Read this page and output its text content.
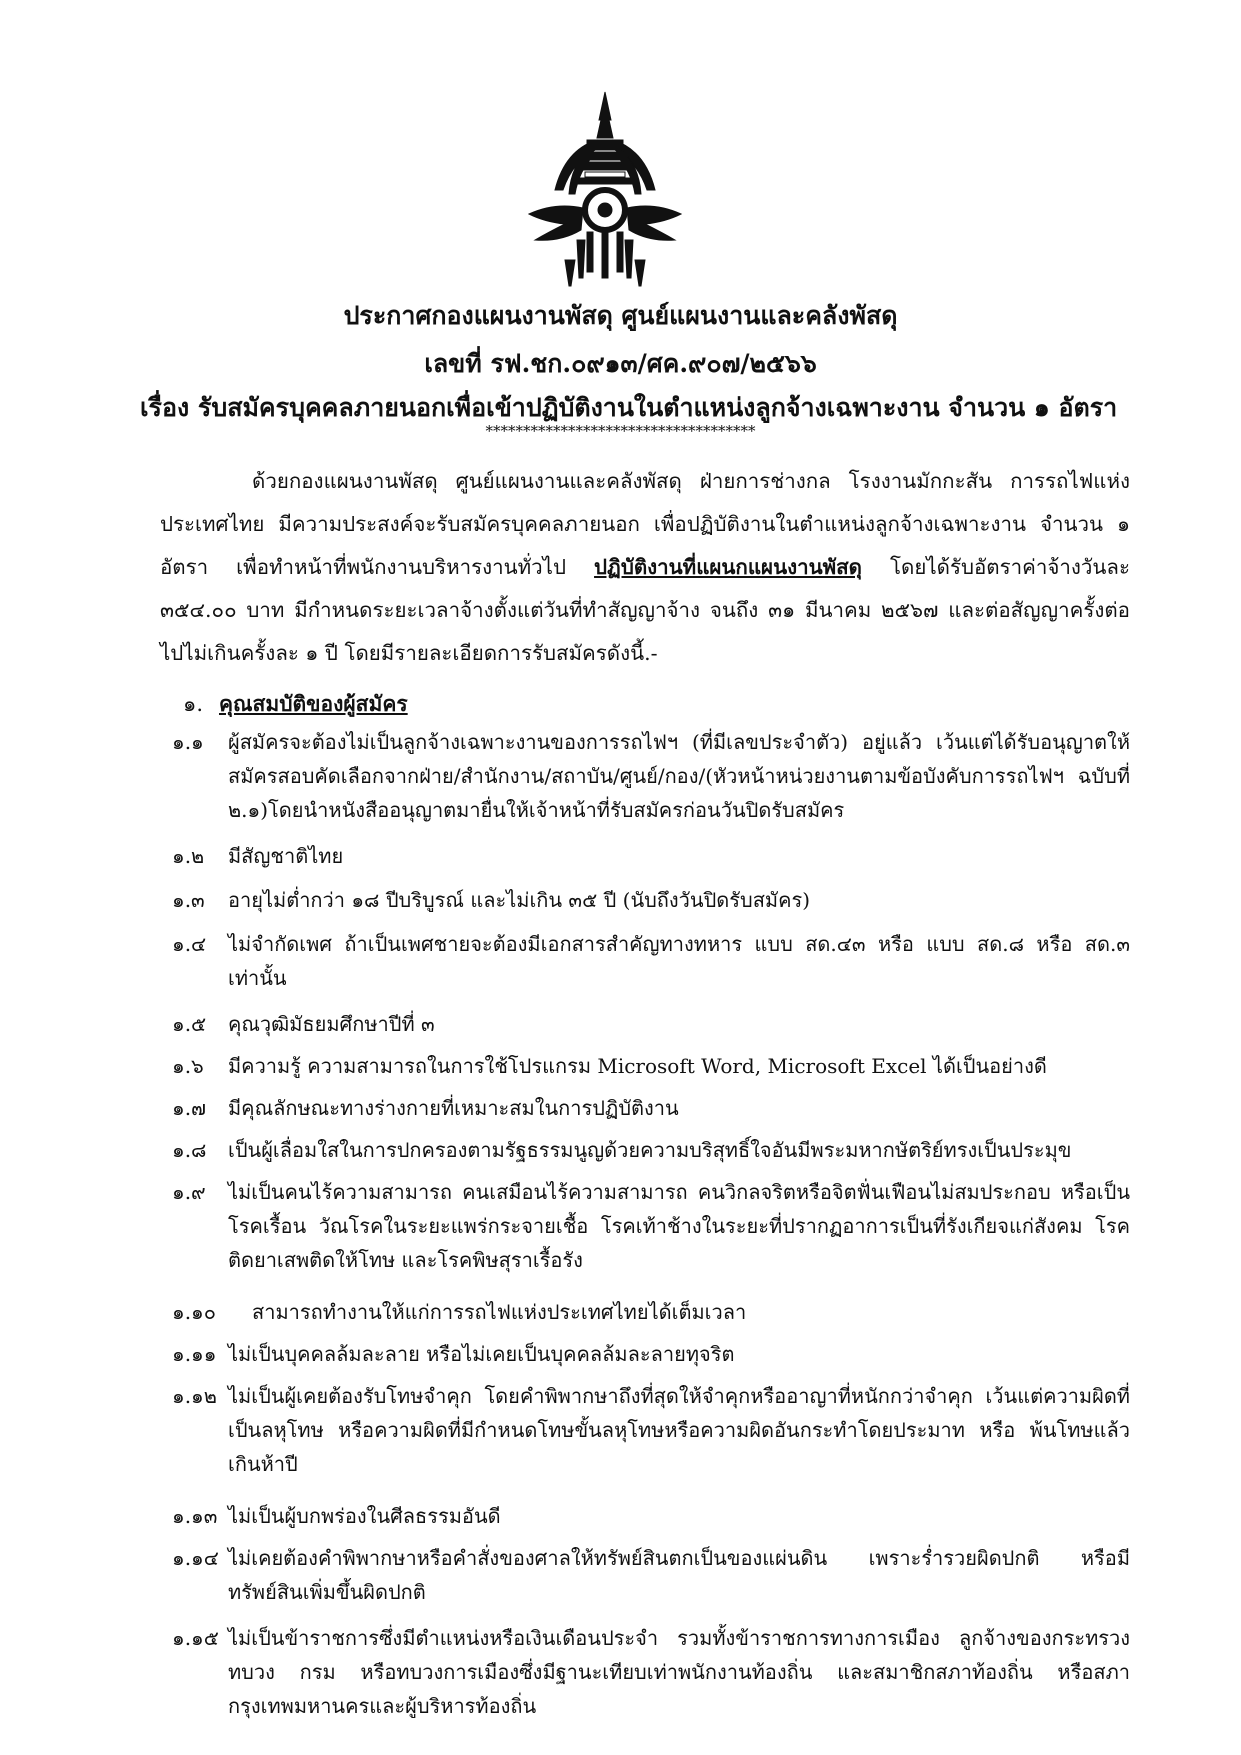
ประกาศกองแผนงานพัสดุ ศูนย์แผนงานและคลังพัสดุ
เลขที่ รฟ.ชก.๐๙๑๓/ศค.๙๐๗/๒๕๖๖
เรื่อง รับสมัครบุคคลภายนอกเพื่อเข้าปฏิบัติงานในตำแหน่งลูกจ้างเฉพาะงาน จำนวน ๑ อัตรา
************************************
ด้วยกองแผนงานพัสดุ ศูนย์แผนงานและคลังพัสดุ ฝ่ายการช่างกล โรงงานมักกะสัน การรถไฟแห่งประเทศไทย มีความประสงค์จะรับสมัครบุคคลภายนอก เพื่อปฏิบัติงานในตำแหน่งลูกจ้างเฉพาะงาน จำนวน ๑ อัตรา เพื่อทำหน้าที่พนักงานบริหารงานทั่วไป ปฏิบัติงานที่แผนกแผนงานพัสดุ โดยได้รับอัตราค่าจ้างวันละ ๓๕๔.๐๐ บาท มีกำหนดระยะเวลาจ้างตั้งแต่วันที่ทำสัญญาจ้าง จนถึง ๓๑ มีนาคม ๒๕๖๗ และต่อสัญญาครั้งต่อไปไม่เกินครั้งละ ๑ ปี โดยมีรายละเอียดการรับสมัครดังนี้.-
๑. คุณสมบัติของผู้สมัคร
๑.๑ ผู้สมัครจะต้องไม่เป็นลูกจ้างเฉพาะงานของการรถไฟฯ (ที่มีเลขประจำตัว) อยู่แล้ว เว้นแต่ได้รับอนุญาตให้สมัครสอบคัดเลือกจากฝ่าย/สำนักงาน/สถาบัน/ศูนย์/กอง/(หัวหน้าหน่วยงานตามข้อบังคับการรถไฟฯ ฉบับที่ ๒.๑)โดยนำหนังสืออนุญาตมายื่นให้เจ้าหน้าที่รับสมัครก่อนวันปิดรับสมัคร
๑.๒ มีสัญชาติไทย
๑.๓ อายุไม่ต่ำกว่า ๑๘ ปีบริบูรณ์ และไม่เกิน ๓๕ ปี (นับถึงวันปิดรับสมัคร)
๑.๔ ไม่จำกัดเพศ ถ้าเป็นเพศชายจะต้องมีเอกสารสำคัญทางทหาร แบบ สด.๔๓ หรือ แบบ สด.๘ หรือ สด.๓ เท่านั้น
๑.๕ คุณวุฒิมัธยมศึกษาปีที่ ๓
๑.๖ มีความรู้ ความสามารถในการใช้โปรแกรม Microsoft Word, Microsoft Excel ได้เป็นอย่างดี
๑.๗ มีคุณลักษณะทางร่างกายที่เหมาะสมในการปฏิบัติงาน
๑.๘ เป็นผู้เลื่อมใสในการปกครองตามรัฐธรรมนูญด้วยความบริสุทธิ์ใจอันมีพระมหากษัตริย์ทรงเป็นประมุข
๑.๙ ไม่เป็นคนไร้ความสามารถ คนเสมือนไร้ความสามารถ คนวิกลจริตหรือจิตฟั่นเฟือนไม่สมประกอบ หรือเป็นโรคเรื้อน วัณโรคในระยะแพร่กระจายเชื้อ โรคเท้าช้างในระยะที่ปรากฏอาการเป็นที่รังเกียจแก่สังคม โรคติดยาเสพติดให้โทษ และโรคพิษสุราเรื้อรัง
๑.๑๐ สามารถทำงานให้แก่การรถไฟแห่งประเทศไทยได้เต็มเวลา
๑.๑๑ ไม่เป็นบุคคลล้มละลาย หรือไม่เคยเป็นบุคคลล้มละลายทุจริต
๑.๑๒ ไม่เป็นผู้เคยต้องรับโทษจำคุก โดยคำพิพากษาถึงที่สุดให้จำคุกหรืออาญาที่หนักกว่าจำคุก เว้นแต่ความผิดที่เป็นลหุโทษ หรือความผิดที่มีกำหนดโทษขั้นลหุโทษหรือความผิดอันกระทำโดยประมาท หรือ พ้นโทษแล้วเกินห้าปี
๑.๑๓ ไม่เป็นผู้บกพร่องในศีลธรรมอันดี
๑.๑๔ ไม่เคยต้องคำพิพากษาหรือคำสั่งของศาลให้ทรัพย์สินตกเป็นของแผ่นดิน เพราะร่ำรวยผิดปกติ หรือมีทรัพย์สินเพิ่มขึ้นผิดปกติ
๑.๑๕ ไม่เป็นข้าราชการซึ่งมีตำแหน่งหรือเงินเดือนประจำ รวมทั้งข้าราชการทางการเมือง ลูกจ้างของกระทรวง ทบวง กรม หรือทบวงการเมืองซึ่งมีฐานะเทียบเท่าพนักงานท้องถิ่น และสมาชิกสภาท้องถิ่น หรือสภากรุงเทพมหานครและผู้บริหารท้องถิ่น
